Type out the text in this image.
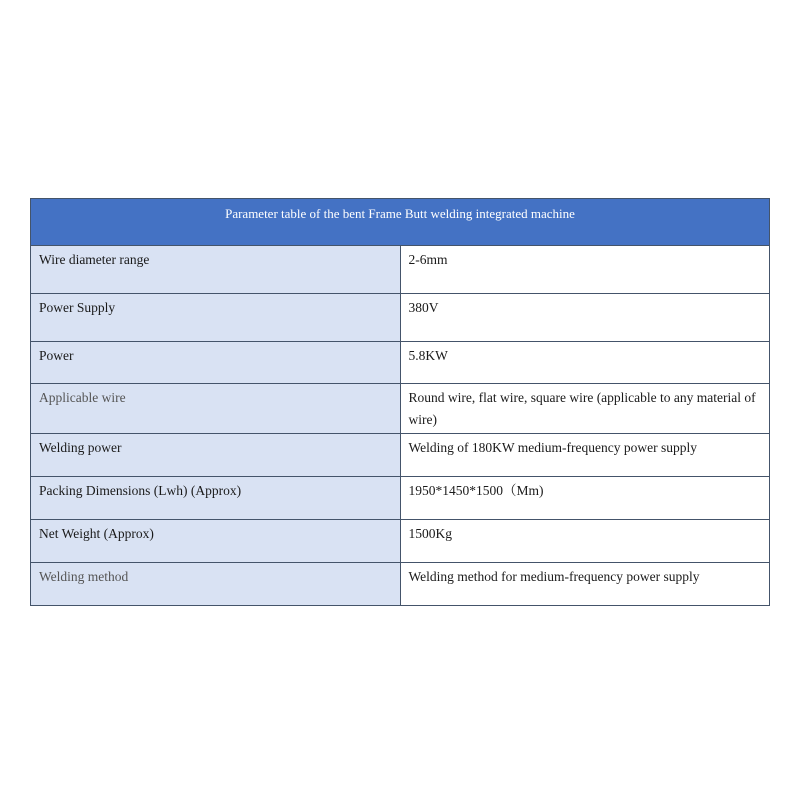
Parameter table of the bent Frame Butt welding integrated machine	
Wire diameter range	2-6mm
Power Supply	380V
Power	5.8KW
Applicable wire	Round wire, flat wire, square wire (applicable to any material of wire)
Welding power	Welding of 180KW medium-frequency power supply
Packing Dimensions (Lwh) (Approx)	1950*1450*1500（Mm)
Net Weight (Approx)	1500Kg
Welding method	Welding method for medium-frequency power supply
